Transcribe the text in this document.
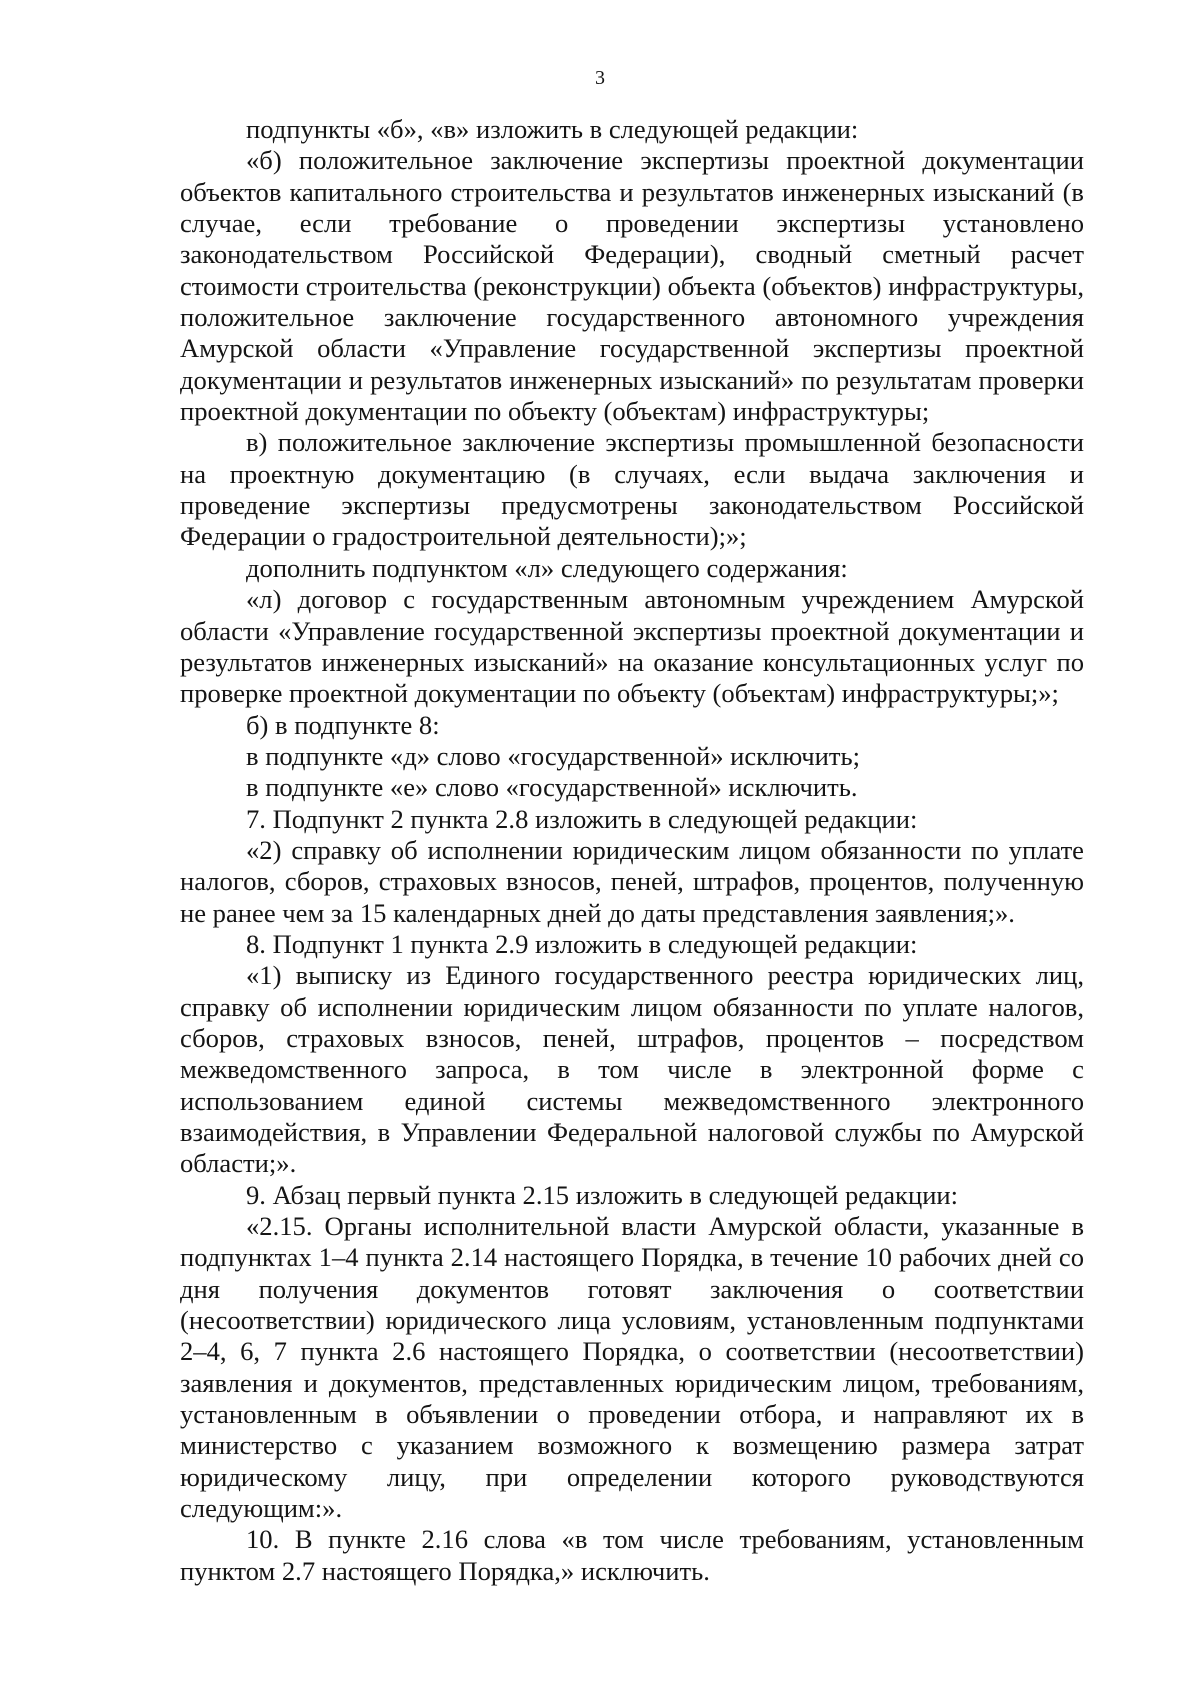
3

подпункты «б», «в» изложить в следующей редакции:

«б) положительное заключение экспертизы проектной документации объектов капитального строительства и результатов инженерных изысканий (в случае, если требование о проведении экспертизы установлено законодательством Российской Федерации), сводный сметный расчет стоимости строительства (реконструкции) объекта (объектов) инфраструктуры, положительное заключение государственного автономного учреждения Амурской области «Управление государственной экспертизы проектной документации и результатов инженерных изысканий» по результатам проверки проектной документации по объекту (объектам) инфраструктуры;

в) положительное заключение экспертизы промышленной безопасности на проектную документацию (в случаях, если выдача заключения и проведение экспертизы предусмотрены законодательством Российской Федерации о градостроительной деятельности);»;

дополнить подпунктом «л» следующего содержания:

«л) договор с государственным автономным учреждением Амурской области «Управление государственной экспертизы проектной документации и результатов инженерных изысканий» на оказание консультационных услуг по проверке проектной документации по объекту (объектам) инфраструктуры;»;

б) в подпункте 8:

в подпункте «д» слово «государственной» исключить;

в подпункте «е» слово «государственной» исключить.

7. Подпункт 2 пункта 2.8 изложить в следующей редакции:

«2) справку об исполнении юридическим лицом обязанности по уплате налогов, сборов, страховых взносов, пеней, штрафов, процентов, полученную не ранее чем за 15 календарных дней до даты представления заявления;».

8. Подпункт 1 пункта 2.9 изложить в следующей редакции:

«1) выписку из Единого государственного реестра юридических лиц, справку об исполнении юридическим лицом обязанности по уплате налогов, сборов, страховых взносов, пеней, штрафов, процентов – посредством межведомственного запроса, в том числе в электронной форме с использованием единой системы межведомственного электронного взаимодействия, в Управлении Федеральной налоговой службы по Амурской области;».

9. Абзац первый пункта 2.15 изложить в следующей редакции:

«2.15. Органы исполнительной власти Амурской области, указанные в подпунктах 1–4 пункта 2.14 настоящего Порядка, в течение 10 рабочих дней со дня получения документов готовят заключения о соответствии (несоответствии) юридического лица условиям, установленным подпунктами 2–4, 6, 7 пункта 2.6 настоящего Порядка, о соответствии (несоответствии) заявления и документов, представленных юридическим лицом, требованиям, установленным в объявлении о проведении отбора, и направляют их в министерство с указанием возможного к возмещению размера затрат юридическому лицу, при определении которого руководствуются следующим:».

10. В пункте 2.16 слова «в том числе требованиям, установленным пунктом 2.7 настоящего Порядка,» исключить.
